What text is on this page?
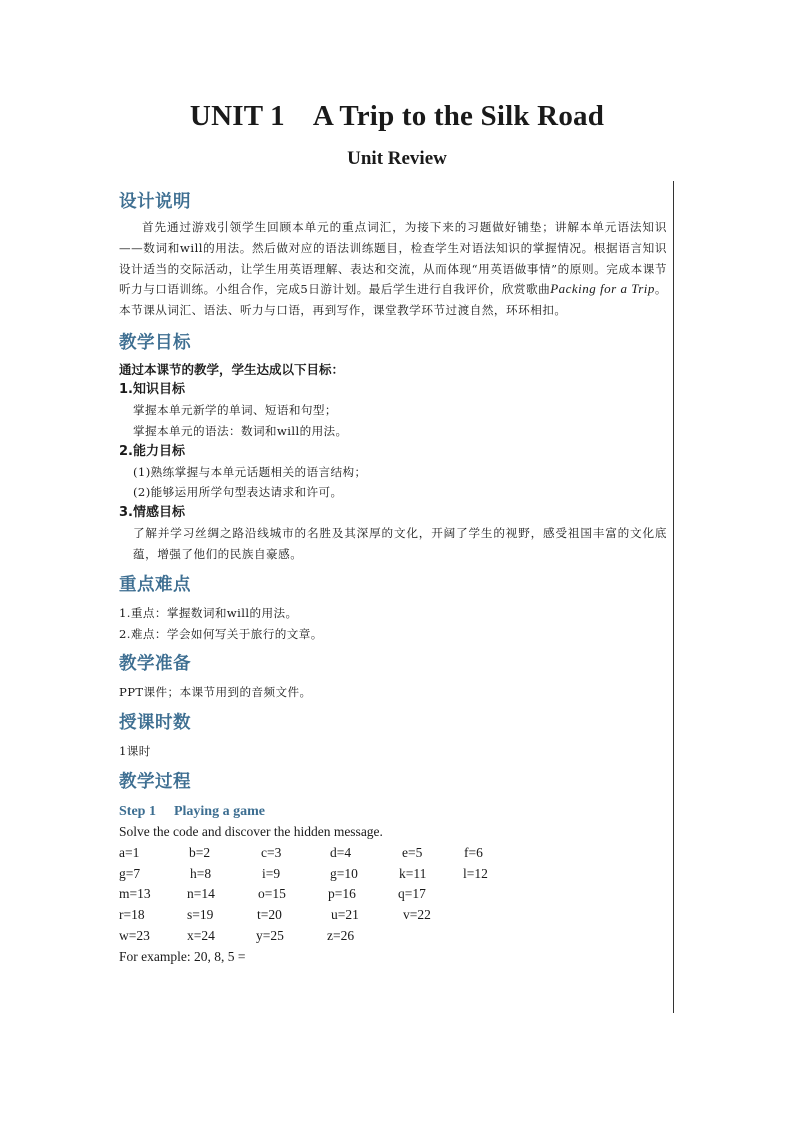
UNIT 1 A Trip to the Silk Road
Unit Review
设计说明

首先通过游戏引领学生回顾本单元的重点词汇，为接下来的习题做好铺垫；讲解本单元语法知识——数词和will的用法。然后做对应的语法训练题目，检查学生对语法知识的掌握情况。根据语言知识设计适当的交际活动，让学生用英语理解、表达和交流，从而体现“用英语做事情”的原则。完成本课节听力与口语训练。小组合作，完成5日游计划。最后学生进行自我评价，欣赏歌曲Packing for a Trip。本节课从词汇、语法、听力与口语，再到写作，课堂教学环节过渡自然，环环相扣。

教学目标

通过本课节的教学，学生达成以下目标：

1.知识目标

掌握本单元新学的单词、短语和句型；

掌握本单元的语法：数词和will的用法。

2.能力目标

(1)熟练掌握与本单元话题相关的语言结构；

(2)能够运用所学句型表达请求和许可。

3.情感目标

了解并学习丝绸之路沿线城市的名胜及其深厚的文化，开阔了学生的视野，感受祖国丰富的文化底蕴，增强了他们的民族自豪感。

重点难点

1.重点：掌握数词和will的用法。

2.难点：学会如何写关于旅行的文章。

教学准备

PPT课件；本课节用到的音频文件。

授课时数

1课时

教学过程

Step 1 Playing a game

Solve the code and discover the hidden message.

a=1	b=2	c=3	d=4	e=5	f=6
g=7	h=8	i=9	g=10	k=11	l=12
m=13	n=14	o=15	p=16	q=17
r=18	s=19	t=20	u=21	v=22
w=23	x=24	y=25	z=26

For example: 20, 8, 5 =
